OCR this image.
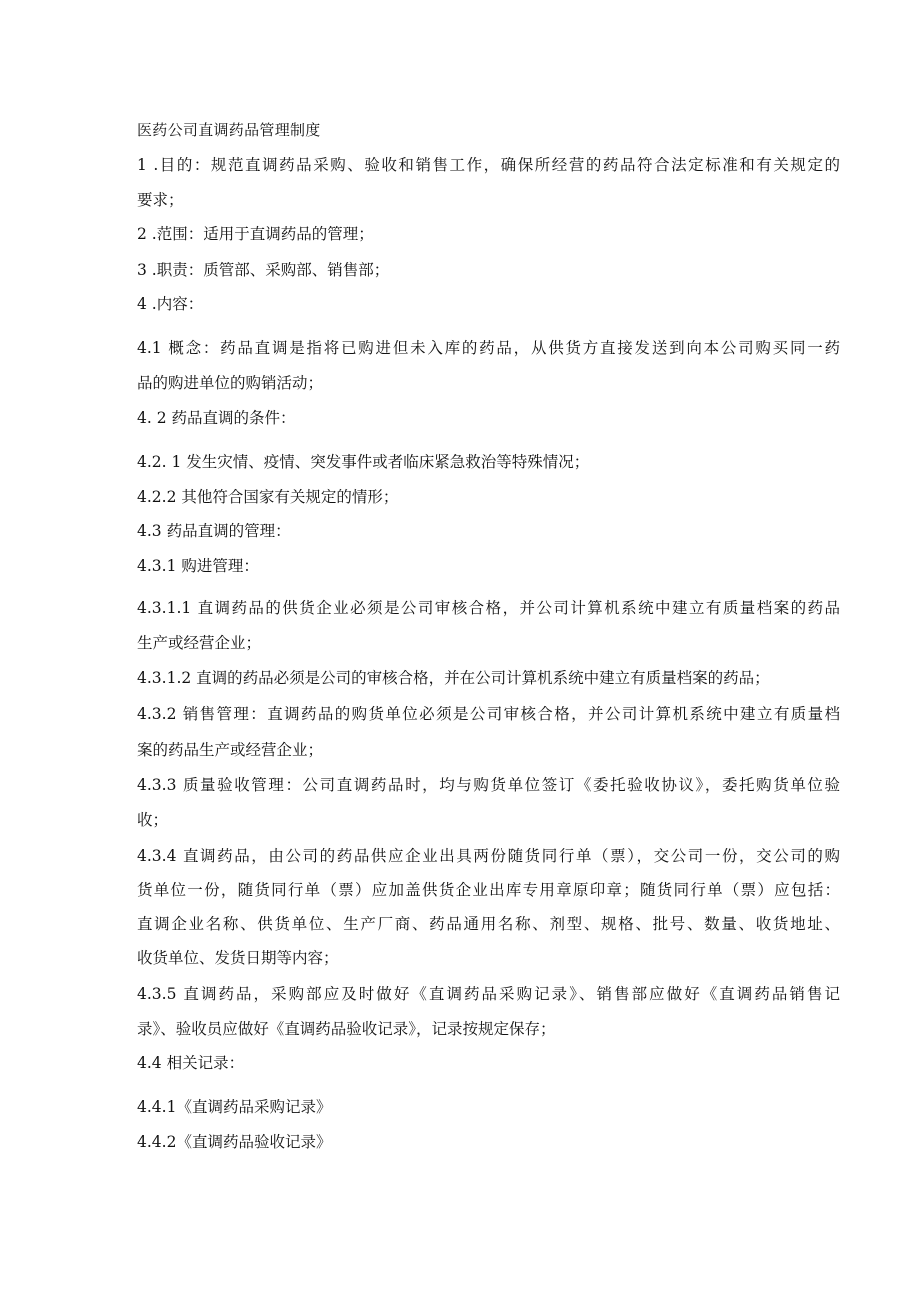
医药公司直调药品管理制度
1 .目的：规范直调药品采购、验收和销售工作，确保所经营的药品符合法定标准和有关规定的
要求；
2 .范围：适用于直调药品的管理；
3 .职责：质管部、采购部、销售部；
4 .内容：
4.1 概念：药品直调是指将已购进但未入库的药品，从供货方直接发送到向本公司购买同一药
品的购进单位的购销活动；
4. 2 药品直调的条件：
4.2. 1 发生灾情、疫情、突发事件或者临床紧急救治等特殊情况；
4.2.2 其他符合国家有关规定的情形；
4.3 药品直调的管理：
4.3.1 购进管理：
4.3.1.1 直调药品的供货企业必须是公司审核合格，并公司计算机系统中建立有质量档案的药品
生产或经营企业；
4.3.1.2 直调的药品必须是公司的审核合格，并在公司计算机系统中建立有质量档案的药品；
4.3.2 销售管理：直调药品的购货单位必须是公司审核合格，并公司计算机系统中建立有质量档
案的药品生产或经营企业；
4.3.3 质量验收管理：公司直调药品时，均与购货单位签订《委托验收协议》，委托购货单位验
收；
4.3.4 直调药品，由公司的药品供应企业出具两份随货同行单（票），交公司一份，交公司的购
货单位一份，随货同行单（票）应加盖供货企业出库专用章原印章；随货同行单（票）应包括：
直调企业名称、供货单位、生产厂商、药品通用名称、剂型、规格、批号、数量、收货地址、
收货单位、发货日期等内容；
4.3.5 直调药品，采购部应及时做好《直调药品采购记录》、销售部应做好《直调药品销售记
录》、验收员应做好《直调药品验收记录》，记录按规定保存；
4.4 相关记录：
4.4.1《直调药品采购记录》
4.4.2《直调药品验收记录》
